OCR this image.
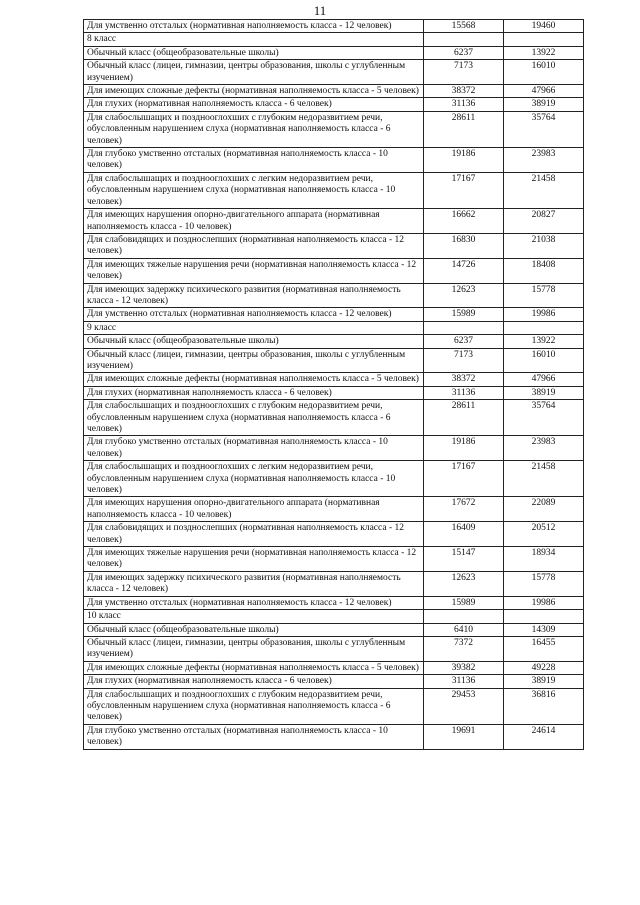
11
Для умственно отсталых (нормативная наполняемость класса - 12 человек)	15568	19460
8 класс		
Обычный класс (общеобразовательные школы)	6237	13922
Обычный класс (лицеи, гимназии, центры образования, школы с углубленным изучением)	7173	16010
Для имеющих сложные дефекты (нормативная наполняемость класса - 5 человек)	38372	47966
Для глухих (нормативная наполняемость класса - 6 человек)	31136	38919
Для слабослышащих и позднооглохших с глубоким недоразвитием речи, обусловленным нарушением слуха (нормативная наполняемость класса - 6 человек)	28611	35764
Для глубоко умственно отсталых (нормативная наполняемость класса - 10 человек)	19186	23983
Для слабослышащих и позднооглохших с легким недоразвитием речи, обусловленным нарушением слуха (нормативная наполняемость класса - 10 человек)	17167	21458
Для имеющих нарушения опорно-двигательного аппарата (нормативная наполняемость класса - 10 человек)	16662	20827
Для слабовидящих и позднослепших (нормативная наполняемость класса - 12 человек)	16830	21038
Для имеющих тяжелые нарушения речи (нормативная наполняемость класса - 12 человек)	14726	18408
Для имеющих задержку психического развития (нормативная наполняемость класса - 12 человек)	12623	15778
Для умственно отсталых (нормативная наполняемость класса - 12 человек)	15989	19986
9 класс		
Обычный класс (общеобразовательные школы)	6237	13922
Обычный класс (лицеи, гимназии, центры образования, школы с углубленным изучением)	7173	16010
Для имеющих сложные дефекты (нормативная наполняемость класса - 5 человек)	38372	47966
Для глухих (нормативная наполняемость класса - 6 человек)	31136	38919
Для слабослышащих и позднооглохших с глубоким недоразвитием речи, обусловленным нарушением слуха (нормативная наполняемость класса - 6 человек)	28611	35764
Для глубоко умственно отсталых (нормативная наполняемость класса - 10 человек)	19186	23983
Для слабослышащих и позднооглохших с легким недоразвитием речи, обусловленным нарушением слуха (нормативная наполняемость класса - 10 человек)	17167	21458
Для имеющих нарушения опорно-двигательного аппарата (нормативная наполняемость класса - 10 человек)	17672	22089
Для слабовидящих и позднослепших (нормативная наполняемость класса - 12 человек)	16409	20512
Для имеющих тяжелые нарушения речи (нормативная наполняемость класса - 12 человек)	15147	18934
Для имеющих задержку психического развития (нормативная наполняемость класса - 12 человек)	12623	15778
Для умственно отсталых (нормативная наполняемость класса - 12 человек)	15989	19986
10 класс		
Обычный класс (общеобразовательные школы)	6410	14309
Обычный класс (лицеи, гимназии, центры образования, школы с углубленным изучением)	7372	16455
Для имеющих сложные дефекты (нормативная наполняемость класса - 5 человек)	39382	49228
Для глухих (нормативная наполняемость класса - 6 человек)	31136	38919
Для слабослышащих и позднооглохших с глубоким недоразвитием речи, обусловленным нарушением слуха (нормативная наполняемость класса - 6 человек)	29453	36816
Для глубоко умственно отсталых (нормативная наполняемость класса - 10 человек)	19691	24614
